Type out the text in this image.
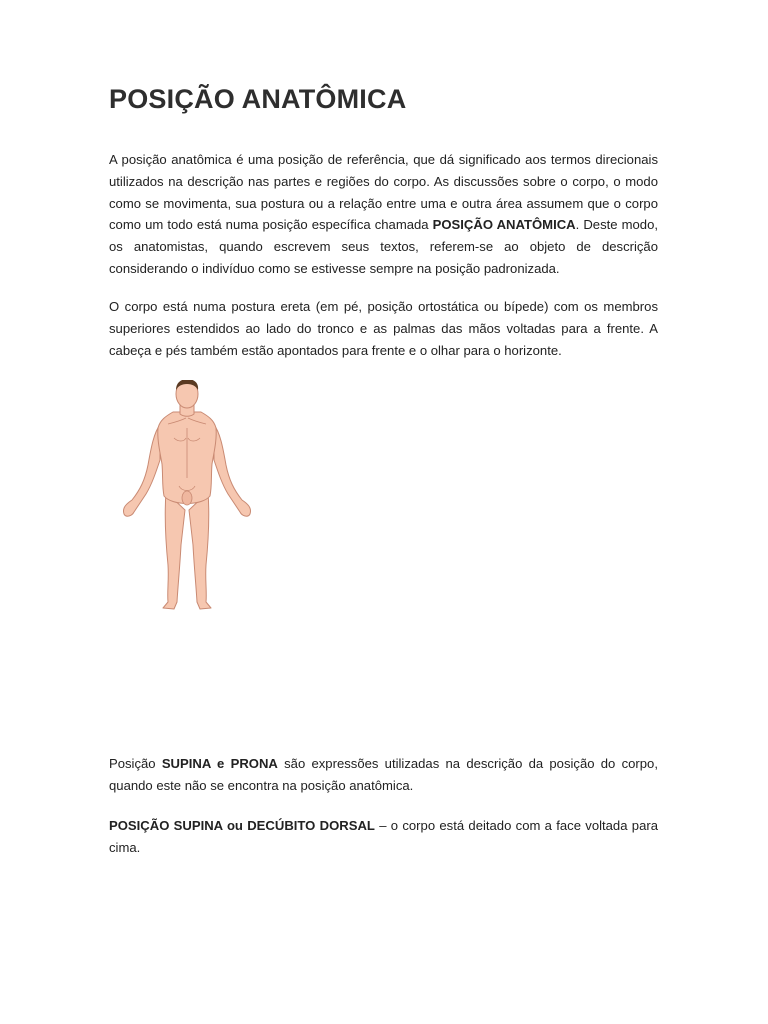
POSIÇÃO ANATÔMICA

A posição anatômica é uma posição de referência, que dá significado aos termos direcionais utilizados na descrição nas partes e regiões do corpo. As discussões sobre o corpo, o modo como se movimenta, sua postura ou a relação entre uma e outra área assumem que o corpo como um todo está numa posição específica chamada POSIÇÃO ANATÔMICA. Deste modo, os anatomistas, quando escrevem seus textos, referem-se ao objeto de descrição considerando o indivíduo como se estivesse sempre na posição padronizada.

O corpo está numa postura ereta (em pé, posição ortostática ou bípede) com os membros superiores estendidos ao lado do tronco e as palmas das mãos voltadas para a frente. A cabeça e pés também estão apontados para frente e o olhar para o horizonte.

Posição SUPINA e PRONA são expressões utilizadas na descrição da posição do corpo, quando este não se encontra na posição anatômica.

POSIÇÃO SUPINA ou DECÚBITO DORSAL – o corpo está deitado com a face voltada para cima.
